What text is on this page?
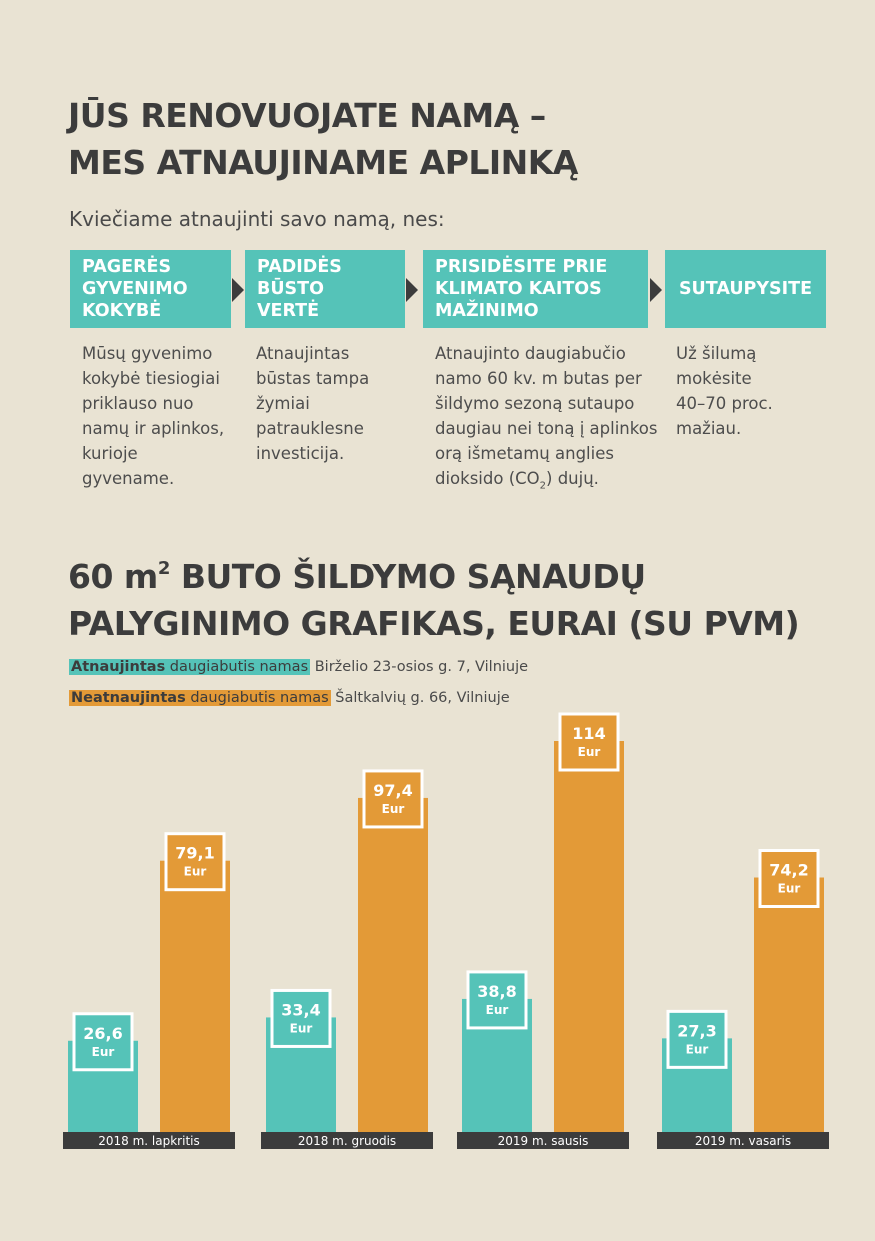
JŪS RENOVUOJATE NAMĄ –
MES ATNAUJINAME APLINKĄ
Kviečiame atnaujinti savo namą, nes:
PAGERĖS
GYVENIMO
KOKYBĖ
PADIDĖS
BŪSTO
VERTĖ
PRISIDĖSITE PRIE
KLIMATO KAITOS
MAŽINIMO
SUTAUPYSITE
Mūsų gyvenimo
kokybė tiesiogiai
priklauso nuo
namų ir aplinkos,
kurioje
gyvename.
Atnaujintas
būstas tampa
žymiai
patrauklesne
investicija.
Atnaujinto daugiabučio
namo 60 kv. m butas per
šildymo sezoną sutaupo
daugiau nei toną į aplinkos
orą išmetamų anglies
dioksido $(CO_2)$ dujų.
Už šilumą
mokėsite
40–70 proc.
mažiau.
60 $m^2$ BUTO ŠILDYMO SĄNAUDŲ
PALYGINIMO GRAFIKAS, EURAI (SU PVM)
Atnaujintas daugiabutis namas Birželio 23-osios g. 7, Vilniuje
Neatnaujintas daugiabutis namas Šaltkalvių g. 66, Vilniuje
26,6
Eur
79,1
Eur
2018 m. lapkritis
33,4
Eur
97,4
Eur
2018 m. gruodis
38,8
Eur
114
Eur
2019 m. sausis
27,3
Eur
74,2
Eur
2019 m. vasaris
